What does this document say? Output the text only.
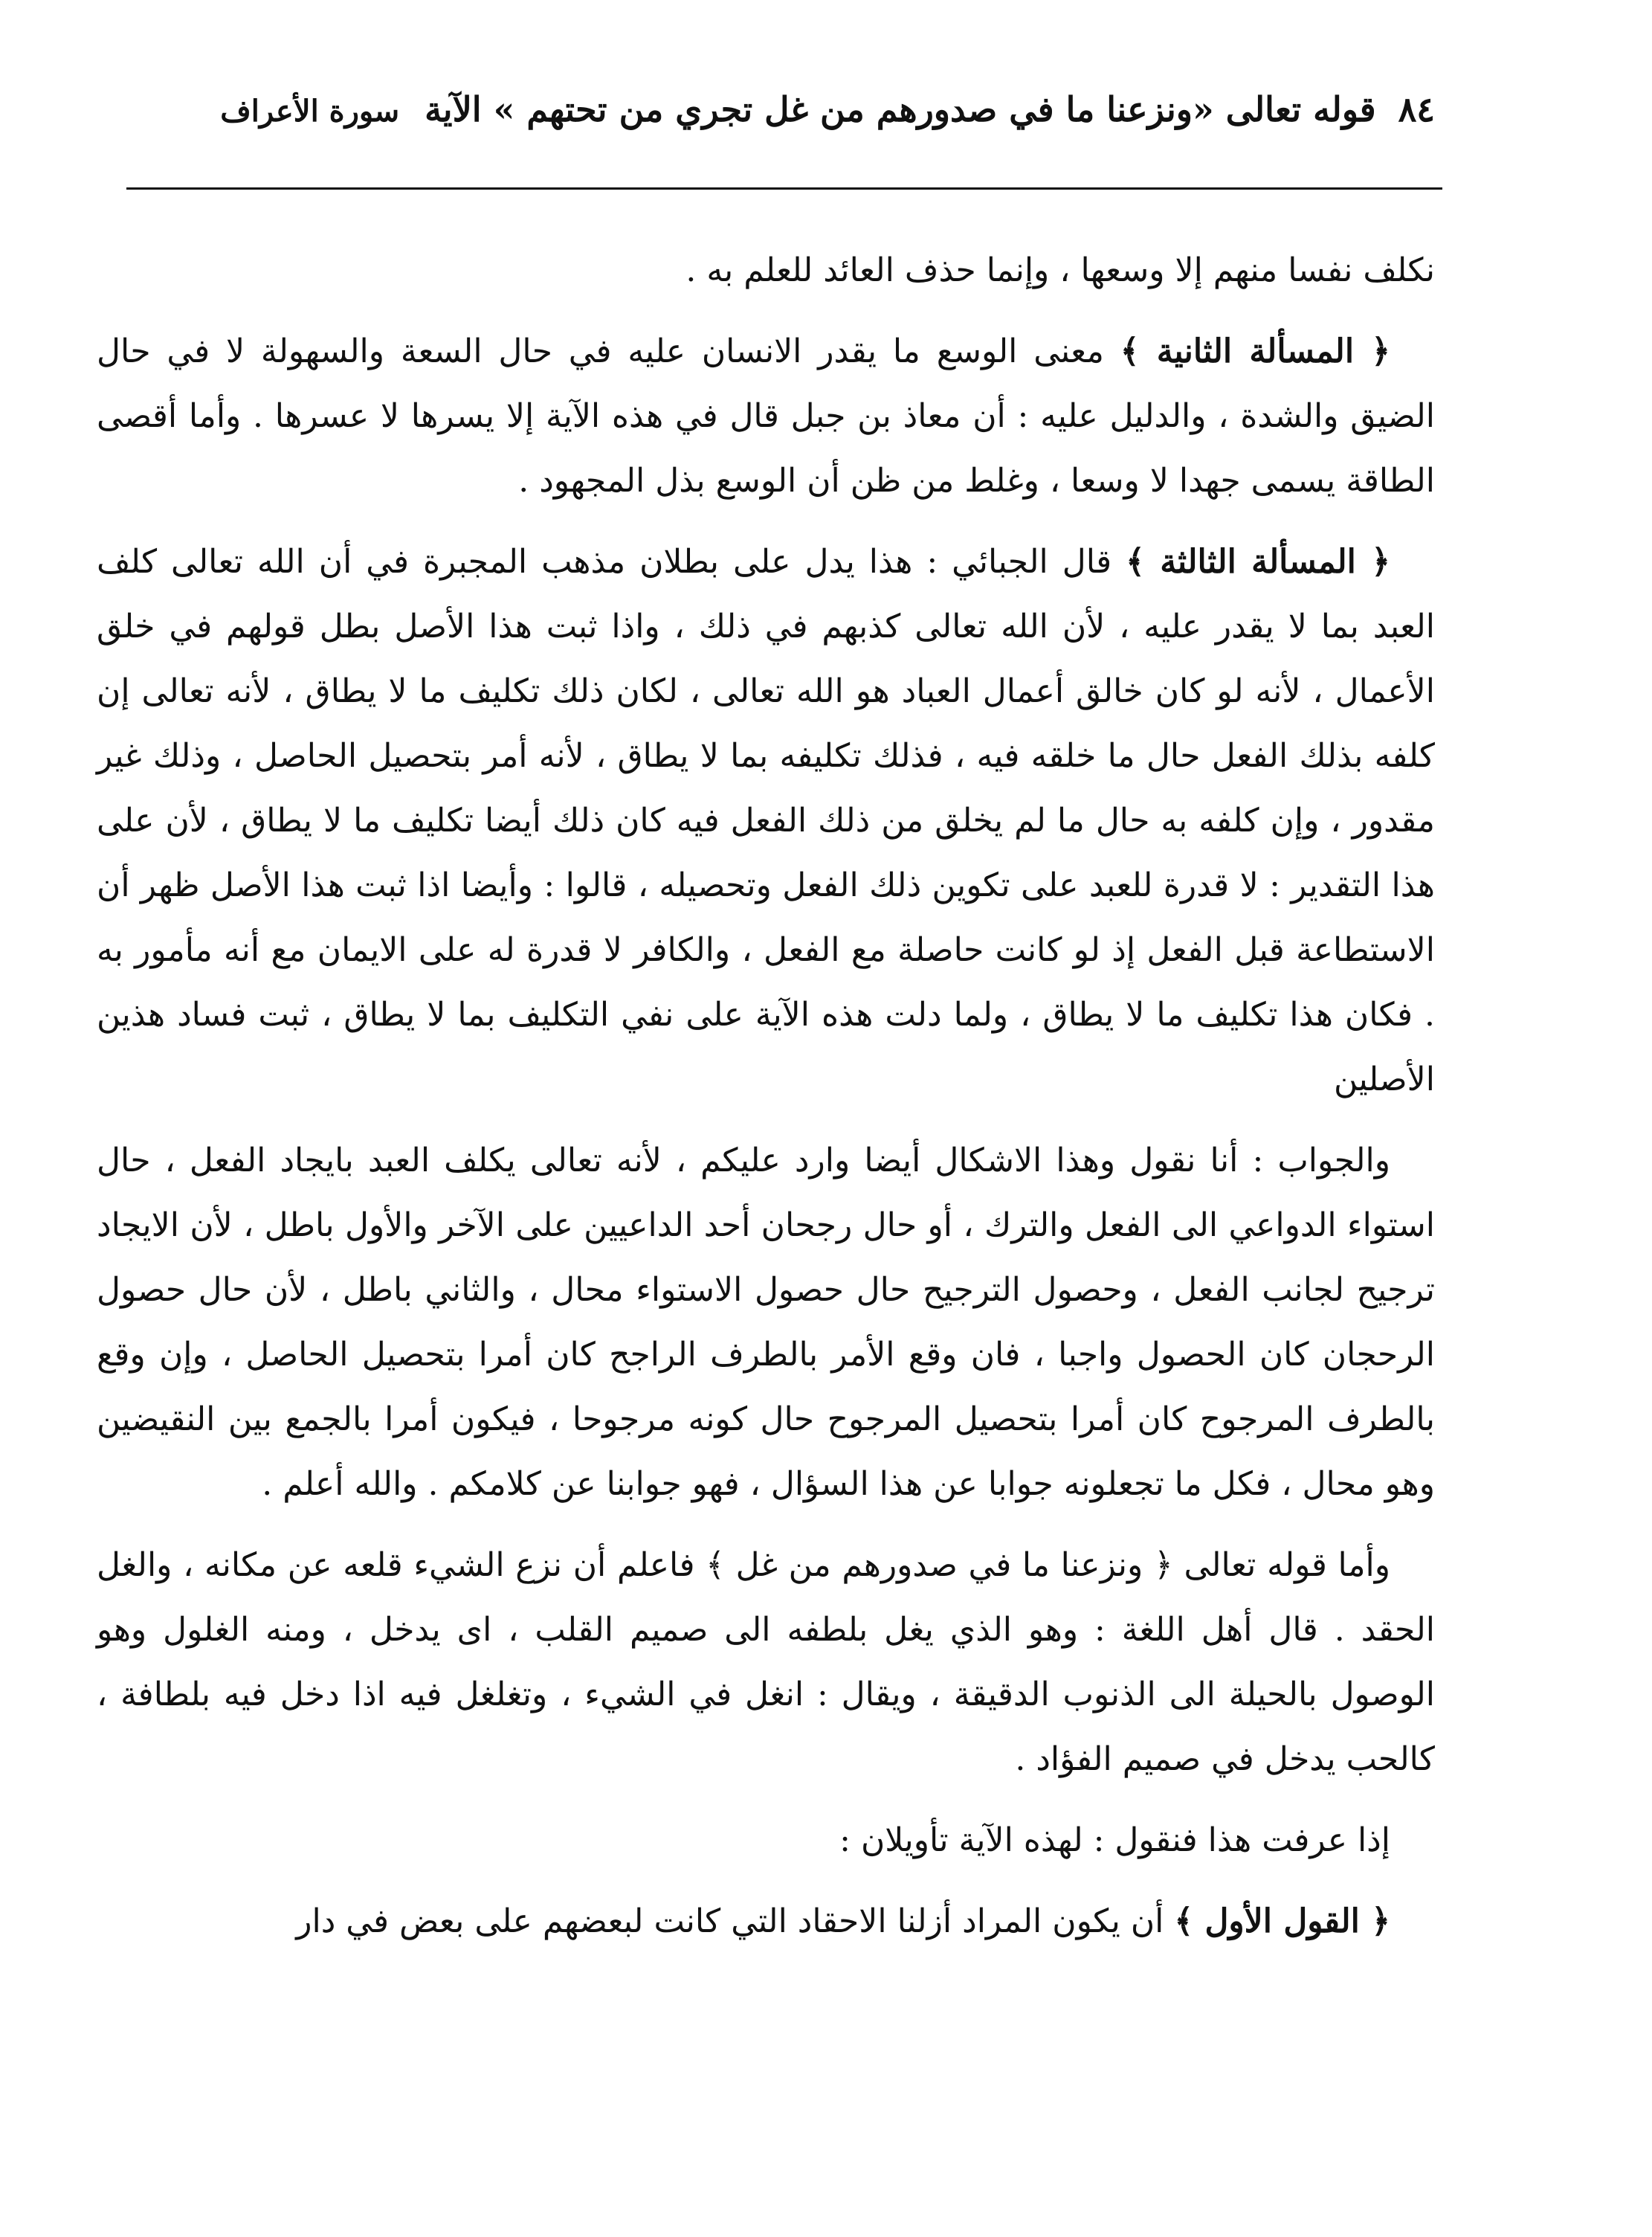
٨٤
قوله تعالى «ونزعنا ما في صدورهم من غل تجري من تحتهم » الآية سورة الأعراف

نكلف نفسا منهم إلا وسعها ، وإنما حذف العائد للعلم به .

﴿ المسألة الثانية ﴾ معنى الوسع ما يقدر الانسان عليه في حال السعة والسهولة لا في حال الضيق والشدة ، والدليل عليه : أن معاذ بن جبل قال في هذه الآية إلا يسرها لا عسرها . وأما أقصى الطاقة يسمى جهدا لا وسعا ، وغلط من ظن أن الوسع بذل المجهود .

﴿ المسألة الثالثة ﴾ قال الجبائي : هذا يدل على بطلان مذهب المجبرة في أن الله تعالى كلف العبد بما لا يقدر عليه ، لأن الله تعالى كذبهم في ذلك ، واذا ثبت هذا الأصل بطل قولهم في خلق الأعمال ، لأنه لو كان خالق أعمال العباد هو الله تعالى ، لكان ذلك تكليف ما لا يطاق ، لأنه تعالى إن كلفه بذلك الفعل حال ما خلقه فيه ، فذلك تكليفه بما لا يطاق ، لأنه أمر بتحصيل الحاصل ، وذلك غير مقدور ، وإن كلفه به حال ما لم يخلق من ذلك الفعل فيه كان ذلك أيضا تكليف ما لا يطاق ، لأن على هذا التقدير : لا قدرة للعبد على تكوين ذلك الفعل وتحصيله ، قالوا : وأيضا اذا ثبت هذا الأصل ظهر أن الاستطاعة قبل الفعل إذ لو كانت حاصلة مع الفعل ، والكافر لا قدرة له على الايمان مع أنه مأمور به . فكان هذا تكليف ما لا يطاق ، ولما دلت هذه الآية على نفي التكليف بما لا يطاق ، ثبت فساد هذين الأصلين

والجواب : أنا نقول وهذا الاشكال أيضا وارد عليكم ، لأنه تعالى يكلف العبد بايجاد الفعل ، حال استواء الدواعي الى الفعل والترك ، أو حال رجحان أحد الداعيين على الآخر والأول باطل ، لأن الايجاد ترجيح لجانب الفعل ، وحصول الترجيح حال حصول الاستواء محال ، والثاني باطل ، لأن حال حصول الرحجان كان الحصول واجبا ، فان وقع الأمر بالطرف الراجح كان أمرا بتحصيل الحاصل ، وإن وقع بالطرف المرجوح كان أمرا بتحصيل المرجوح حال كونه مرجوحا ، فيكون أمرا بالجمع بين النقيضين وهو محال ، فكل ما تجعلونه جوابا عن هذا السؤال ، فهو جوابنا عن كلامكم . والله أعلم .

وأما قوله تعالى ﴿ ونزعنا ما في صدورهم من غل ﴾ فاعلم أن نزع الشيء قلعه عن مكانه ، والغل الحقد . قال أهل اللغة : وهو الذي يغل بلطفه الى صميم القلب ، اى يدخل ، ومنه الغلول وهو الوصول بالحيلة الى الذنوب الدقيقة ، ويقال : انغل في الشيء ، وتغلغل فيه اذا دخل فيه بلطافة ، كالحب يدخل في صميم الفؤاد .

إذا عرفت هذا فنقول : لهذه الآية تأويلان :

﴿ القول الأول ﴾ أن يكون المراد أزلنا الاحقاد التي كانت لبعضهم على بعض في دار
